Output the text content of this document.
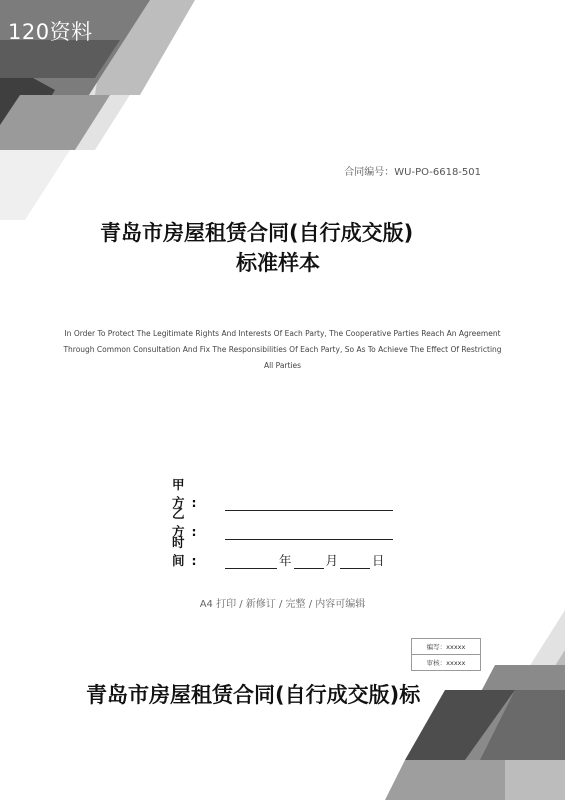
120资料
合同编号：WU-PO-6618-501
青岛市房屋租赁合同(自行成交版)
标准样本
In Order To Protect The Legitimate Rights And Interests Of Each Party, The Cooperative Parties Reach An Agreement Through Common Consultation And Fix The Responsibilities Of Each Party, So As To Achieve The Effect Of Restricting All Parties
甲 方:
乙 方:
时 间:	年	月	日
A4 打印 / 新修订 / 完整 / 内容可编辑
编写：xxxxx
审核：xxxxx
青岛市房屋租赁合同(自行成交版)标
